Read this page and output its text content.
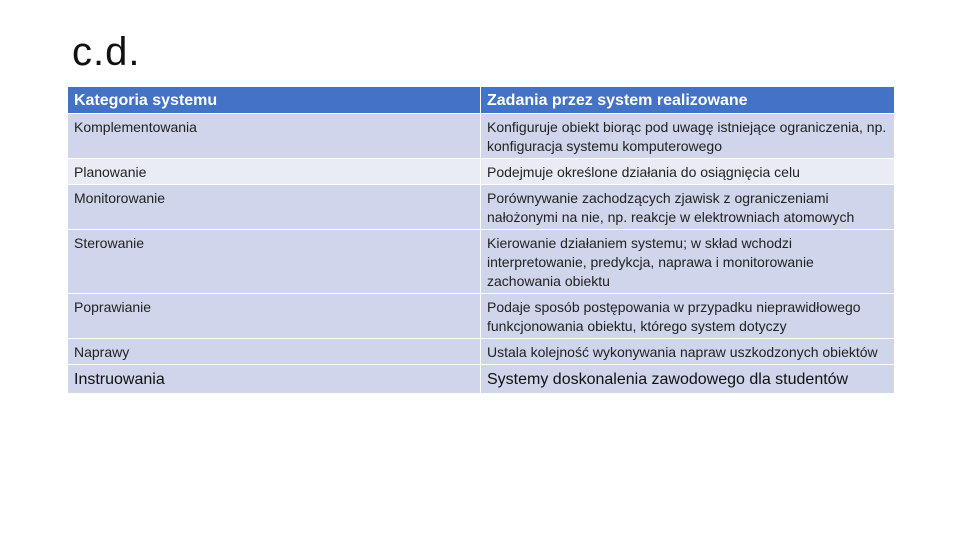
c.d.
Kategoria systemu	Zadania przez system realizowane
Komplementowania	Konfiguruje obiekt biorąc pod uwagę istniejące ograniczenia, np. konfiguracja systemu komputerowego
Planowanie	Podejmuje określone działania do osiągnięcia celu
Monitorowanie	Porównywanie zachodzących zjawisk z ograniczeniami nałożonymi na nie, np. reakcje w elektrowniach atomowych
Sterowanie	Kierowanie działaniem systemu; w skład wchodzi interpretowanie, predykcja, naprawa i monitorowanie zachowania obiektu
Poprawianie	Podaje sposób postępowania w przypadku nieprawidłowego funkcjonowania obiektu, którego system dotyczy
Naprawy	Ustala kolejność wykonywania napraw uszkodzonych obiektów
Instruowania	Systemy doskonalenia zawodowego dla studentów
